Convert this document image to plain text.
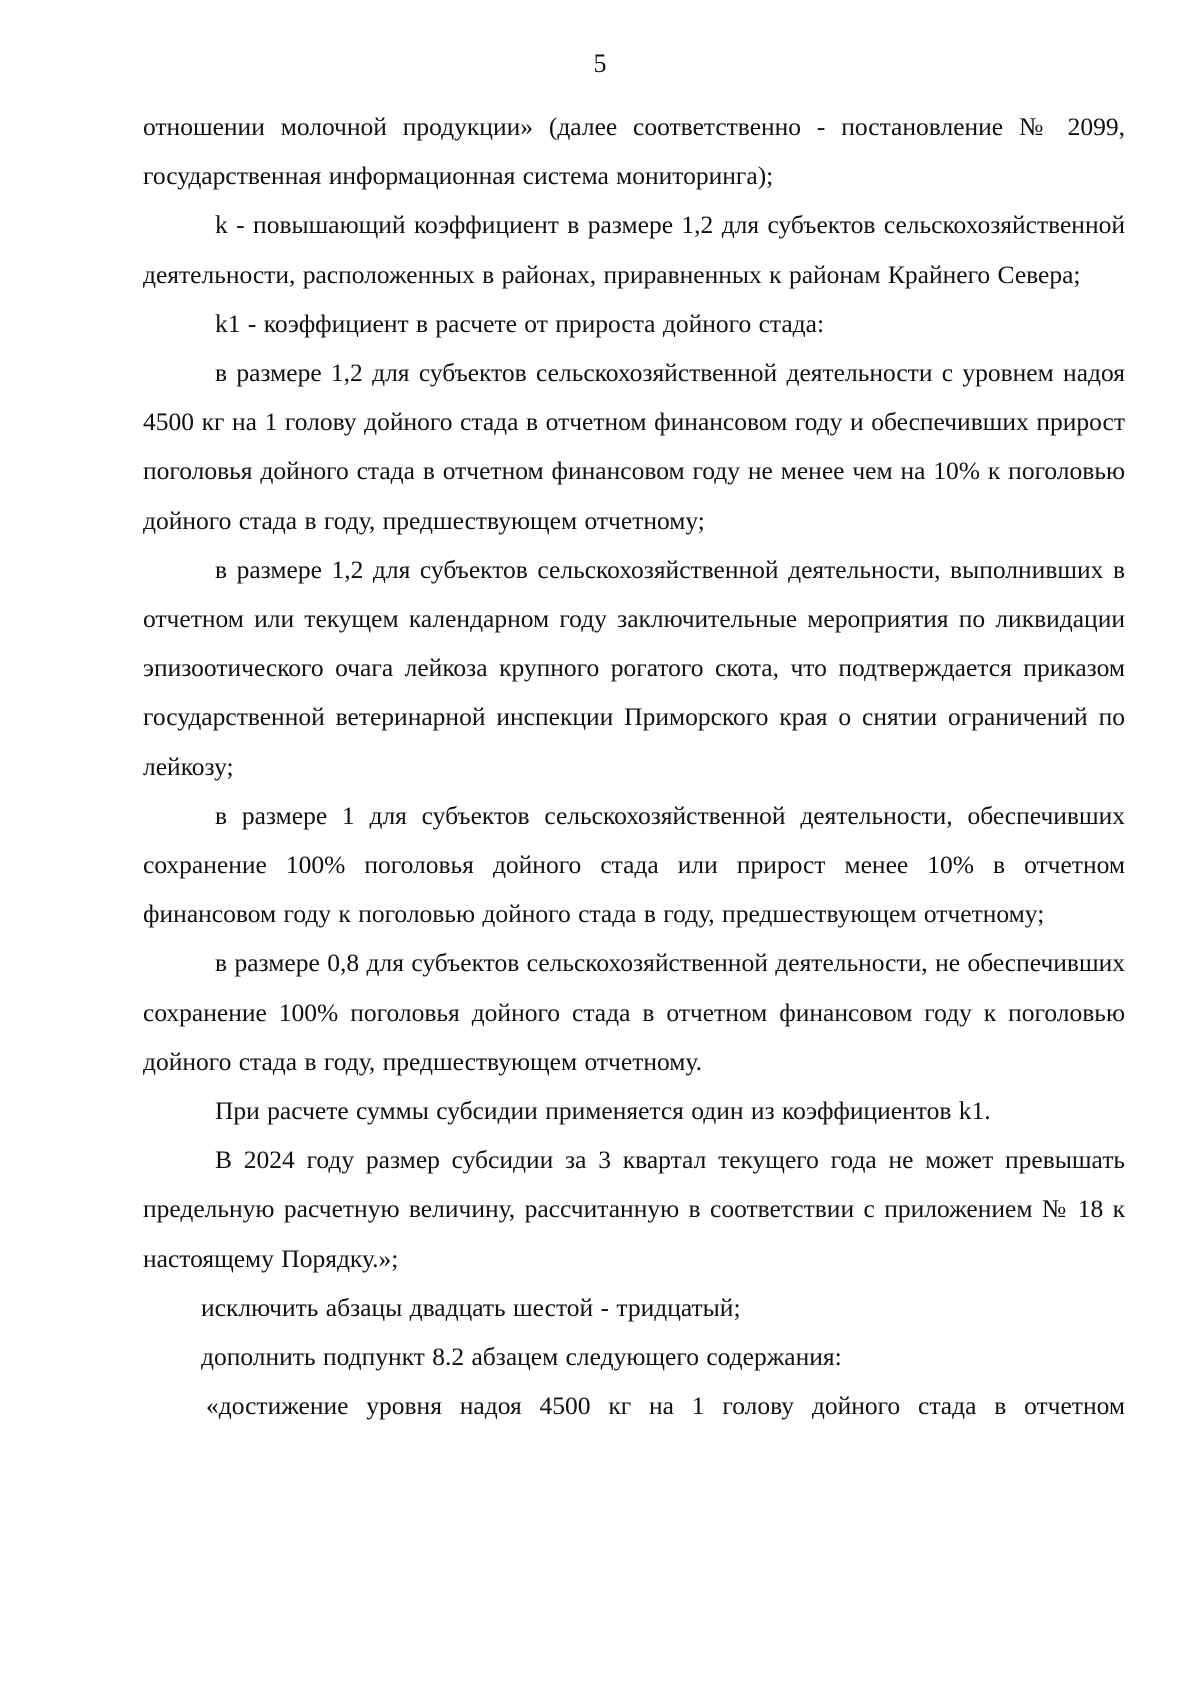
5

отношении молочной продукции» (далее соответственно - постановление № 2099, государственная информационная система мониторинга);

k - повышающий коэффициент в размере 1,2 для субъектов сельскохозяйственной деятельности, расположенных в районах, приравненных к районам Крайнего Севера;

k1 - коэффициент в расчете от прироста дойного стада:

в размере 1,2 для субъектов сельскохозяйственной деятельности с уровнем надоя 4500 кг на 1 голову дойного стада в отчетном финансовом году и обеспечивших прирост поголовья дойного стада в отчетном финансовом году не менее чем на 10% к поголовью дойного стада в году, предшествующем отчетному;

в размере 1,2 для субъектов сельскохозяйственной деятельности, выполнивших в отчетном или текущем календарном году заключительные мероприятия по ликвидации эпизоотического очага лейкоза крупного рогатого скота, что подтверждается приказом государственной ветеринарной инспекции Приморского края о снятии ограничений по лейкозу;

в размере 1 для субъектов сельскохозяйственной деятельности, обеспечивших сохранение 100% поголовья дойного стада или прирост менее 10% в отчетном финансовом году к поголовью дойного стада в году, предшествующем отчетному;

в размере 0,8 для субъектов сельскохозяйственной деятельности, не обеспечивших сохранение 100% поголовья дойного стада в отчетном финансовом году к поголовью дойного стада в году, предшествующем отчетному.

При расчете суммы субсидии применяется один из коэффициентов k1.

В 2024 году размер субсидии за 3 квартал текущего года не может превышать предельную расчетную величину, рассчитанную в соответствии с приложением № 18 к настоящему Порядку.»;

исключить абзацы двадцать шестой - тридцатый;

дополнить подпункт 8.2 абзацем следующего содержания:

«достижение уровня надоя 4500 кг на 1 голову дойного стада в отчетном
